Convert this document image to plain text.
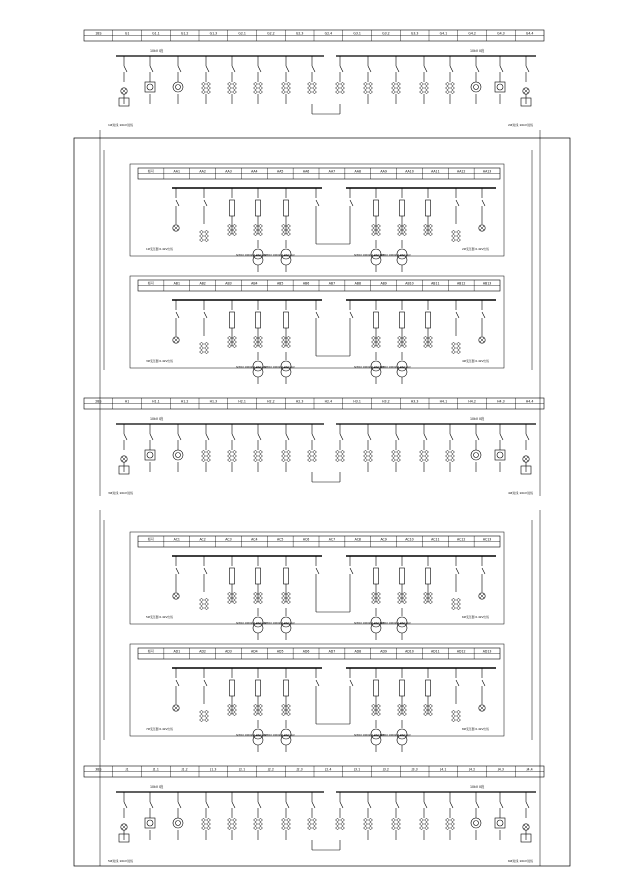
1BS	G1	G1.1	G1.2	G1.3	G2.1	G2.2	G2.3	G2.4	G3.1	G3.2	G3.3	G4.1	G4.2	G4.3	G4.4
10kV I段	10kV II段
1#进线 10kV进线	2#进线 10kV进线
柜号	AA1	AA2	AA3	AA4	AA5	AA6	AA7	AA8	AA9	AA10	AA11	AA12	AA13
SCB10 1000kVA 10/0.4kV
SCB10 1000kVA 10/0.4kV	SCB10 1000kVA 10/0.4kV
SCB10 1000kVA 10/0.4kV
1#变压器 0.4kV出线	2#变压器 0.4kV出线
柜号	AB1	AB2	AB3	AB4	AB5	AB6	AB7	AB8	AB9	AB10	AB11	AB12	AB13
SCB10 1000kVA 10/0.4kV
SCB10 1000kVA 10/0.4kV	SCB10 1000kVA 10/0.4kV
SCB10 1000kVA 10/0.4kV
3#变压器 0.4kV出线	4#变压器 0.4kV出线
2BS	H1	H1.1	H1.2	H1.3	H2.1	H2.2	H2.3	H2.4	H3.1	H3.2	H3.3	H4.1	H4.2	H4.3	H4.4
10kV I段	10kV II段
3#进线 10kV进线	4#进线 10kV进线
柜号	AC1	AC2	AC3	AC4	AC5	AC6	AC7	AC8	AC9	AC10	AC11	AC12	AC13
SCB10 1000kVA 10/0.4kV
SCB10 1000kVA 10/0.4kV	SCB10 1000kVA 10/0.4kV
SCB10 1000kVA 10/0.4kV
5#变压器 0.4kV出线	6#变压器 0.4kV出线
柜号	AD1	AD2	AD3	AD4	AD5	AD6	AD7	AD8	AD9	AD10	AD11	AD12	AD13
SCB10 1000kVA 10/0.4kV
SCB10 1000kVA 10/0.4kV	SCB10 1000kVA 10/0.4kV
SCB10 1000kVA 10/0.4kV
7#变压器 0.4kV出线	8#变压器 0.4kV出线
3BS	J1	J1.1	J1.2	J1.3	J2.1	J2.2	J2.3	J2.4	J3.1	J3.2	J3.3	J4.1	J4.2	J4.3	J4.4
10kV I段	10kV II段
5#进线 10kV进线	6#进线 10kV进线
